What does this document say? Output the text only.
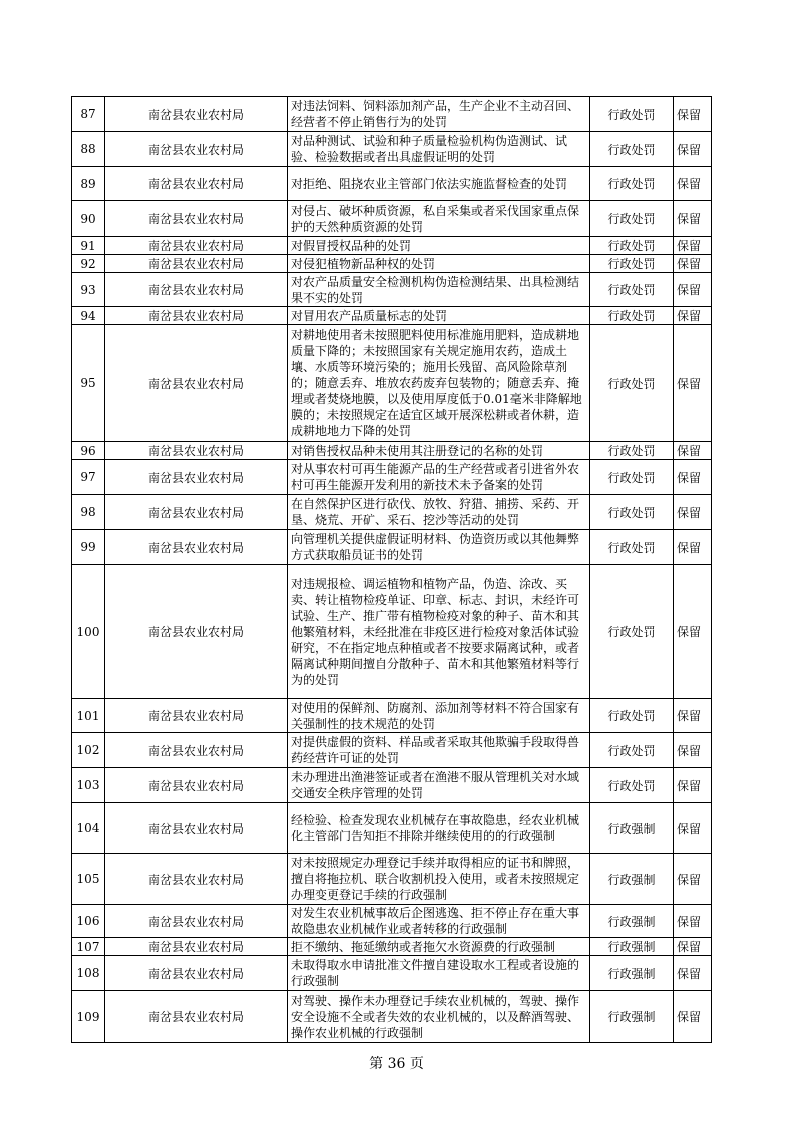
87	南岔县农业农村局	对违法饲料、饲料添加剂产品，生产企业不主动召回、经营者不停止销售行为的处罚	行政处罚	保留
88	南岔县农业农村局	对品种测试、试验和种子质量检验机构伪造测试、试验、检验数据或者出具虚假证明的处罚	行政处罚	保留
89	南岔县农业农村局	对拒绝、阻挠农业主管部门依法实施监督检查的处罚	行政处罚	保留
90	南岔县农业农村局	对侵占、破坏种质资源，私自采集或者采伐国家重点保护的天然种质资源的处罚	行政处罚	保留
91	南岔县农业农村局	对假冒授权品种的处罚	行政处罚	保留
92	南岔县农业农村局	对侵犯植物新品种权的处罚	行政处罚	保留
93	南岔县农业农村局	对农产品质量安全检测机构伪造检测结果、出具检测结果不实的处罚	行政处罚	保留
94	南岔县农业农村局	对冒用农产品质量标志的处罚	行政处罚	保留
95	南岔县农业农村局	对耕地使用者未按照肥料使用标准施用肥料，造成耕地质量下降的；未按照国家有关规定施用农药，造成土壤、水质等环境污染的；施用长残留、高风险除草剂的；随意丢弃、堆放农药废弃包装物的；随意丢弃、掩埋或者焚烧地膜，以及使用厚度低于0.01毫米非降解地膜的；未按照规定在适宜区域开展深松耕或者休耕，造成耕地地力下降的处罚	行政处罚	保留
96	南岔县农业农村局	对销售授权品种未使用其注册登记的名称的处罚	行政处罚	保留
97	南岔县农业农村局	对从事农村可再生能源产品的生产经营或者引进省外农村可再生能源开发利用的新技术未予备案的处罚	行政处罚	保留
98	南岔县农业农村局	在自然保护区进行砍伐、放牧、狩猎、捕捞、采药、开垦、烧荒、开矿、采石、挖沙等活动的处罚	行政处罚	保留
99	南岔县农业农村局	向管理机关提供虚假证明材料、伪造资历或以其他舞弊方式获取船员证书的处罚	行政处罚	保留
100	南岔县农业农村局	对违规报检、调运植物和植物产品，伪造、涂改、买卖、转让植物检疫单证、印章、标志、封识，未经许可试验、生产、推广带有植物检疫对象的种子、苗木和其他繁殖材料，未经批准在非疫区进行检疫对象活体试验研究，不在指定地点种植或者不按要求隔离试种，或者隔离试种期间擅自分散种子、苗木和其他繁殖材料等行为的处罚	行政处罚	保留
101	南岔县农业农村局	对使用的保鲜剂、防腐剂、添加剂等材料不符合国家有关强制性的技术规范的处罚	行政处罚	保留
102	南岔县农业农村局	对提供虚假的资料、样品或者采取其他欺骗手段取得兽药经营许可证的处罚	行政处罚	保留
103	南岔县农业农村局	未办理进出渔港签证或者在渔港不服从管理机关对水域交通安全秩序管理的处罚	行政处罚	保留
104	南岔县农业农村局	经检验、检查发现农业机械存在事故隐患，经农业机械化主管部门告知拒不排除并继续使用的的行政强制	行政强制	保留
105	南岔县农业农村局	对未按照规定办理登记手续并取得相应的证书和牌照，擅自将拖拉机、联合收割机投入使用，或者未按照规定办理变更登记手续的行政强制	行政强制	保留
106	南岔县农业农村局	对发生农业机械事故后企图逃逸、拒不停止存在重大事故隐患农业机械作业或者转移的行政强制	行政强制	保留
107	南岔县农业农村局	拒不缴纳、拖延缴纳或者拖欠水资源费的行政强制	行政强制	保留
108	南岔县农业农村局	未取得取水申请批准文件擅自建设取水工程或者设施的行政强制	行政强制	保留
109	南岔县农业农村局	对驾驶、操作未办理登记手续农业机械的，驾驶、操作安全设施不全或者失效的农业机械的，以及醉酒驾驶、操作农业机械的行政强制	行政强制	保留
第 36 页
